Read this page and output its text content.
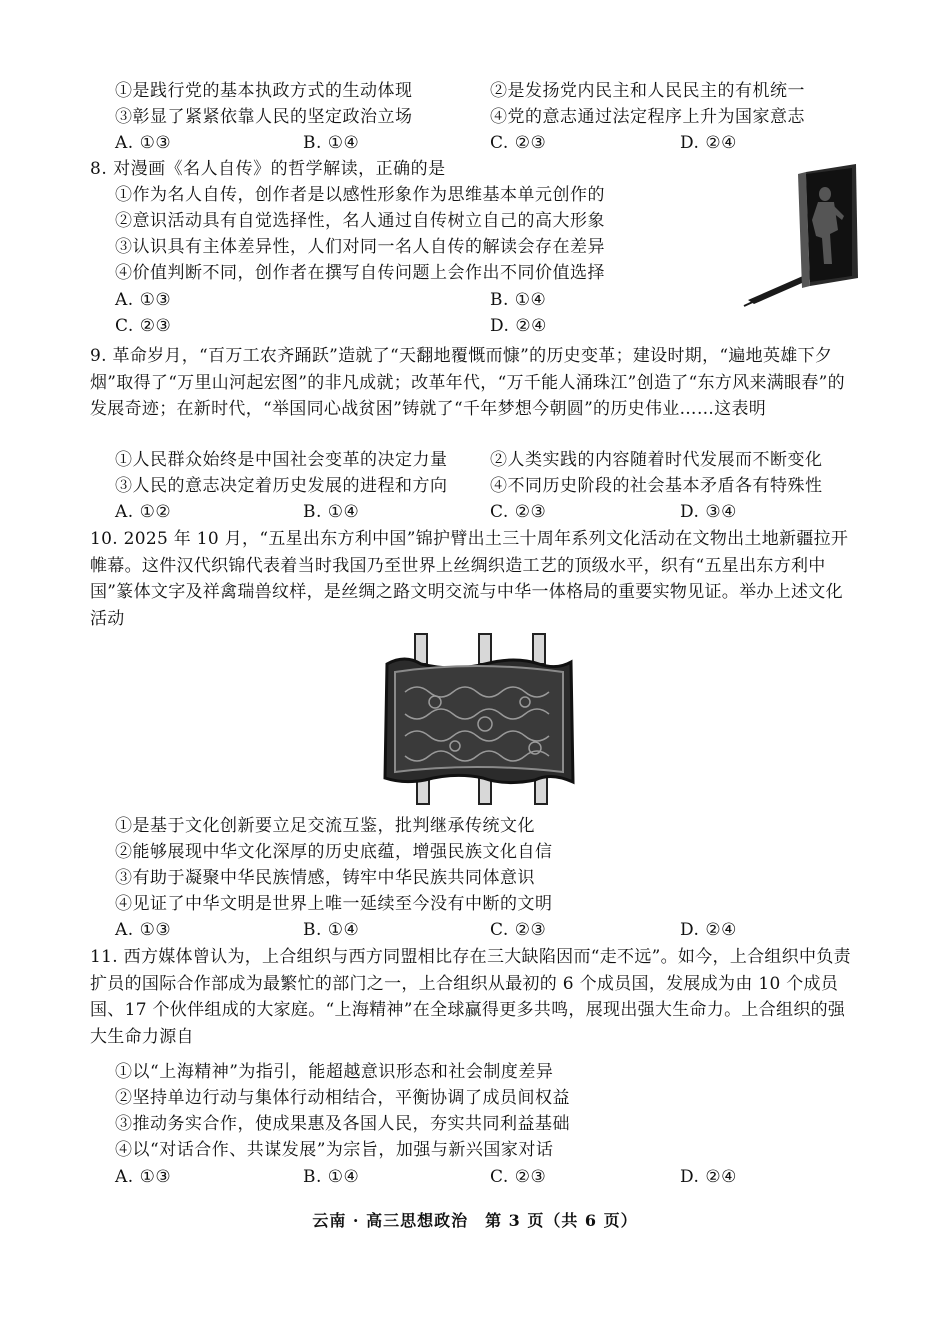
①是践行党的基本执政方式的生动体现	②是发扬党内民主和人民民主的有机统一
③彰显了紧紧依靠人民的坚定政治立场	④党的意志通过法定程序上升为国家意志
A. ①③	B. ①④	C. ②③	D. ②④
8. 对漫画《名人自传》的哲学解读，正确的是
①作为名人自传，创作者是以感性形象作为思维基本单元创作的
②意识活动具有自觉选择性，名人通过自传树立自己的高大形象
③认识具有主体差异性，人们对同一名人自传的解读会存在差异
④价值判断不同，创作者在撰写自传问题上会作出不同价值选择
A. ①③	B. ①④
C. ②③	D. ②④
9. 革命岁月，“百万工农齐踊跃”造就了“天翻地覆慨而慷”的历史变革；建设时期，“遍地英雄下夕烟”取得了“万里山河起宏图”的非凡成就；改革年代，“万千能人涌珠江”创造了“东方风来满眼春”的发展奇迹；在新时代，“举国同心战贫困”铸就了“千年梦想今朝圆”的历史伟业……这表明
①人民群众始终是中国社会变革的决定力量	②人类实践的内容随着时代发展而不断变化
③人民的意志决定着历史发展的进程和方向	④不同历史阶段的社会基本矛盾各有特殊性
A. ①②	B. ①④	C. ②③	D. ③④
10. 2025 年 10 月，“五星出东方利中国”锦护臂出土三十周年系列文化活动在文物出土地新疆拉开帷幕。这件汉代织锦代表着当时我国乃至世界上丝绸织造工艺的顶级水平，织有“五星出东方利中国”篆体文字及祥禽瑞兽纹样，是丝绸之路文明交流与中华一体格局的重要实物见证。举办上述文化活动
①是基于文化创新要立足交流互鉴，批判继承传统文化
②能够展现中华文化深厚的历史底蕴，增强民族文化自信
③有助于凝聚中华民族情感，铸牢中华民族共同体意识
④见证了中华文明是世界上唯一延续至今没有中断的文明
A. ①③	B. ①④	C. ②③	D. ②④
11. 西方媒体曾认为，上合组织与西方同盟相比存在三大缺陷因而“走不远”。如今，上合组织中负责扩员的国际合作部成为最繁忙的部门之一，上合组织从最初的 6 个成员国，发展成为由 10 个成员国、17 个伙伴组成的大家庭。“上海精神”在全球赢得更多共鸣，展现出强大生命力。上合组织的强大生命力源自
①以“上海精神”为指引，能超越意识形态和社会制度差异
②坚持单边行动与集体行动相结合，平衡协调了成员间权益
③推动务实合作，使成果惠及各国人民，夯实共同利益基础
④以“对话合作、共谋发展”为宗旨，加强与新兴国家对话
A. ①③	B. ①④	C. ②③	D. ②④
云南 · 高三思想政治　第 3 页（共 6 页）
